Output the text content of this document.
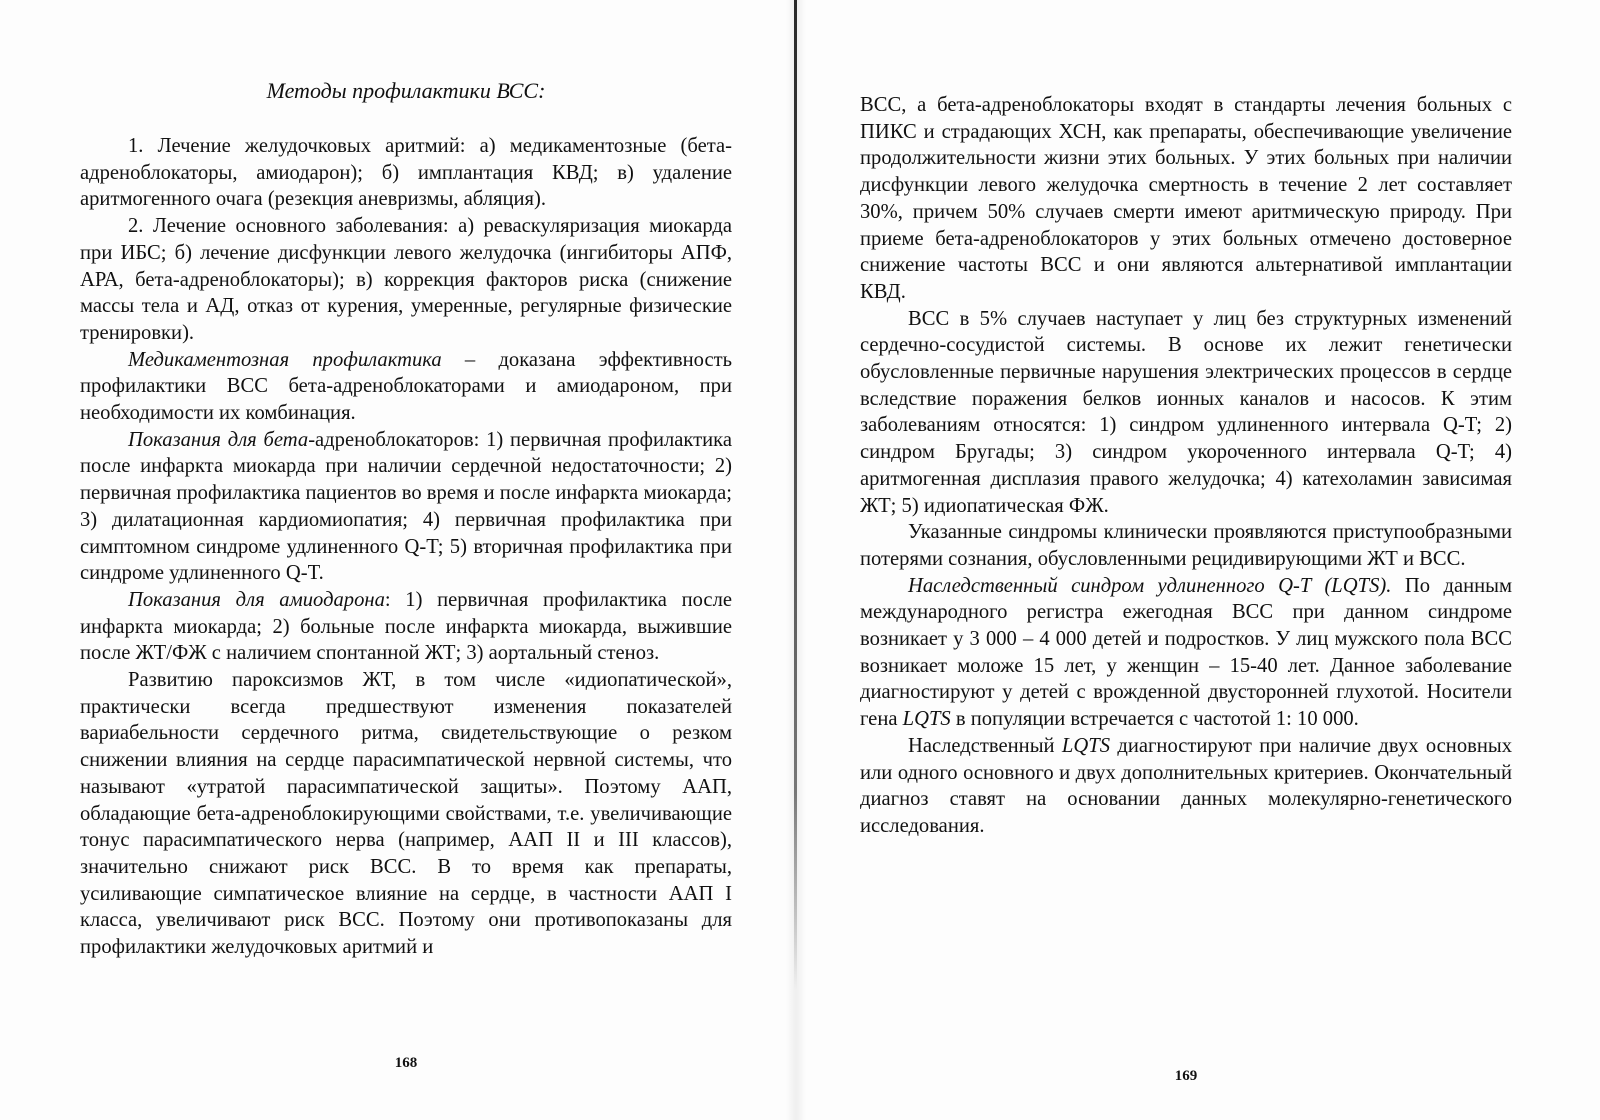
Методы профилактики ВСС:

1. Лечение желудочковых аритмий: а) медикаментозные (бета-адреноблокаторы, амиодарон); б) имплантация КВД; в) удаление аритмогенного очага (резекция аневризмы, абляция).

2. Лечение основного заболевания: а) реваскуляризация миокарда при ИБС; б) лечение дисфункции левого желудочка (ингибиторы АПФ, АРА, бета-адреноблокаторы); в) коррекция факторов риска (снижение массы тела и АД, отказ от курения, умеренные, регулярные физические тренировки).

Медикаментозная профилактика – доказана эффективность профилактики ВСС бета-адреноблокаторами и амиодароном, при необходимости их комбинация.

Показания для бета-адреноблокаторов: 1) первичная профилактика после инфаркта миокарда при наличии сердечной недостаточности; 2) первичная профилактика пациентов во время и после инфаркта миокарда; 3) дилатационная кардиомиопатия; 4) первичная профилактика при симптомном синдроме удлиненного Q-T; 5) вторичная профилактика при синдроме удлиненного Q-T.

Показания для амиодарона: 1) первичная профилактика после инфаркта миокарда; 2) больные после инфаркта миокарда, выжившие после ЖТ/ФЖ с наличием спонтанной ЖТ; 3) аортальный стеноз.

Развитию пароксизмов ЖТ, в том числе «идиопатической», практически всегда предшествуют изменения показателей вариабельности сердечного ритма, свидетельствующие о резком снижении влияния на сердце парасимпатической нервной системы, что называют «утратой парасимпатической защиты». Поэтому ААП, обладающие бета-адреноблокирующими свойствами, т.е. увеличивающие тонус парасимпатического нерва (например, ААП II и III классов), значительно снижают риск ВСС. В то время как препараты, усиливающие симпатическое влияние на сердце, в частности ААП I класса, увеличивают риск ВСС. Поэтому они противопоказаны для профилактики желудочковых аритмий и

168

ВСС, а бета-адреноблокаторы входят в стандарты лечения больных с ПИКС и страдающих ХСН, как препараты, обеспечивающие увеличение продолжительности жизни этих больных. У этих больных при наличии дисфункции левого желудочка смертность в течение 2 лет составляет 30%, причем 50% случаев смерти имеют аритмическую природу. При приеме бета-адреноблокаторов у этих больных отмечено достоверное снижение частоты ВСС и они являются альтернативой имплантации КВД.

ВСС в 5% случаев наступает у лиц без структурных изменений сердечно-сосудистой системы. В основе их лежит генетически обусловленные первичные нарушения электрических процессов в сердце вследствие поражения белков ионных каналов и насосов. К этим заболеваниям относятся: 1) синдром удлиненного интервала Q-T; 2) синдром Бругады; 3) синдром укороченного интервала Q-T; 4) аритмогенная дисплазия правого желудочка; 4) катехоламин зависимая ЖТ; 5) идиопатическая ФЖ.

Указанные синдромы клинически проявляются приступообразными потерями сознания, обусловленными рецидивирующими ЖТ и ВСС.

Наследственный синдром удлиненного Q-T (LQTS). По данным международного регистра ежегодная ВСС при данном синдроме возникает у 3 000 – 4 000 детей и подростков. У лиц мужского пола ВСС возникает моложе 15 лет, у женщин – 15-40 лет. Данное заболевание диагностируют у детей с врожденной двусторонней глухотой. Носители гена LQTS в популяции встречается с частотой 1: 10 000.

Наследственный LQTS диагностируют при наличие двух основных или одного основного и двух дополнительных критериев. Окончательный диагноз ставят на основании данных молекулярно-генетического исследования.

169
